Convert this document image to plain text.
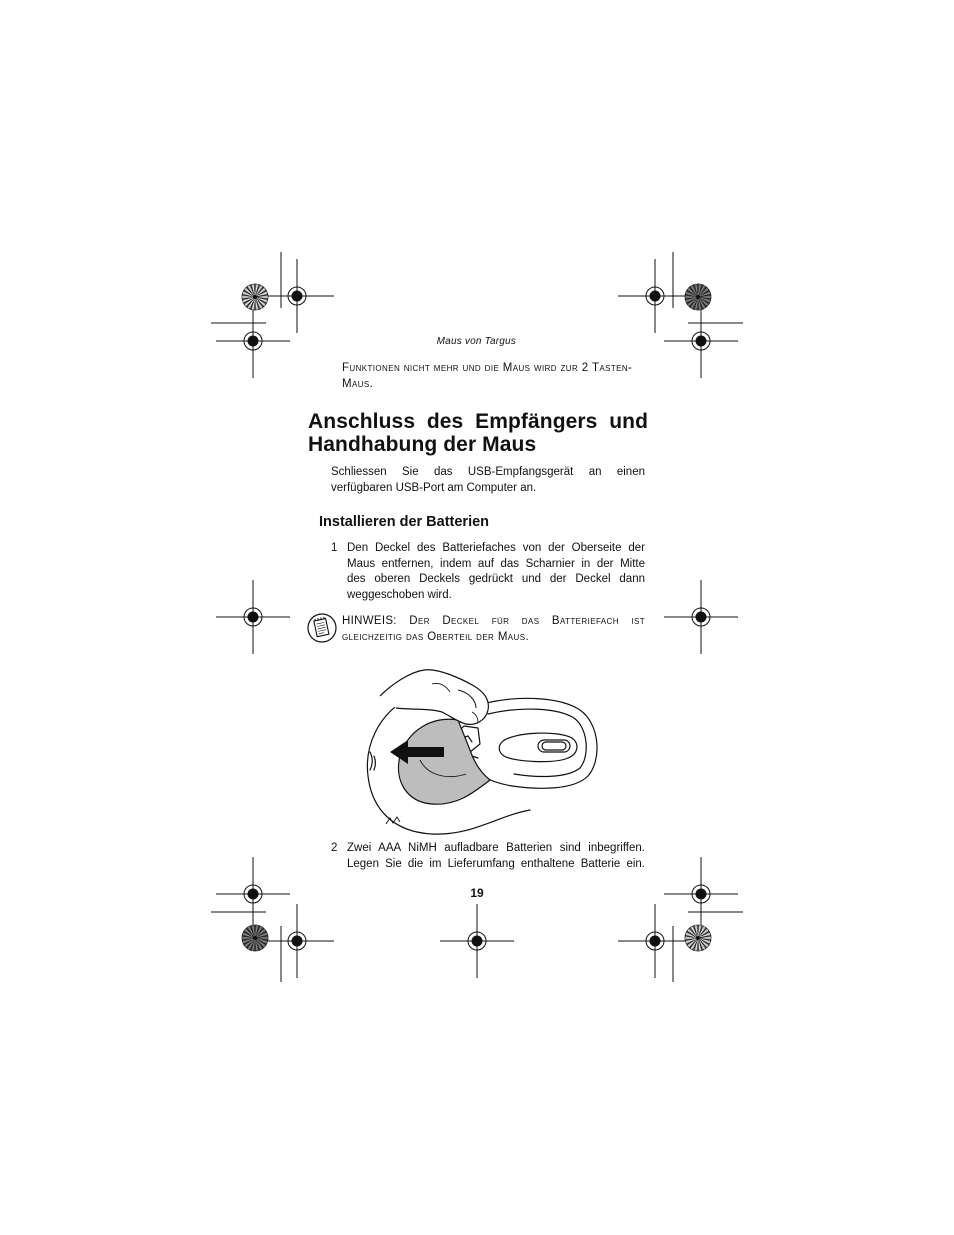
Maus von Targus
Funktionen nicht mehr und die Maus wird zur 2 Tasten-
Maus.
Anschluss des Empfängers und
Handhabung der Maus
Schliessen Sie das USB-Empfangsgerät an einen
verfügbaren USB-Port am Computer an.
Installieren der Batterien
1 Den Deckel des Batteriefaches von der Oberseite der
Maus entfernen, indem auf das Scharnier in der Mitte
des oberen Deckels gedrückt und der Deckel dann
weggeschoben wird.
HINWEIS: Der Deckel für das Batteriefach ist
gleichzeitig das Oberteil der Maus.
2 Zwei AAA NiMH aufladbare Batterien sind inbegriffen.
Legen Sie die im Lieferumfang enthaltene Batterie ein.
19
